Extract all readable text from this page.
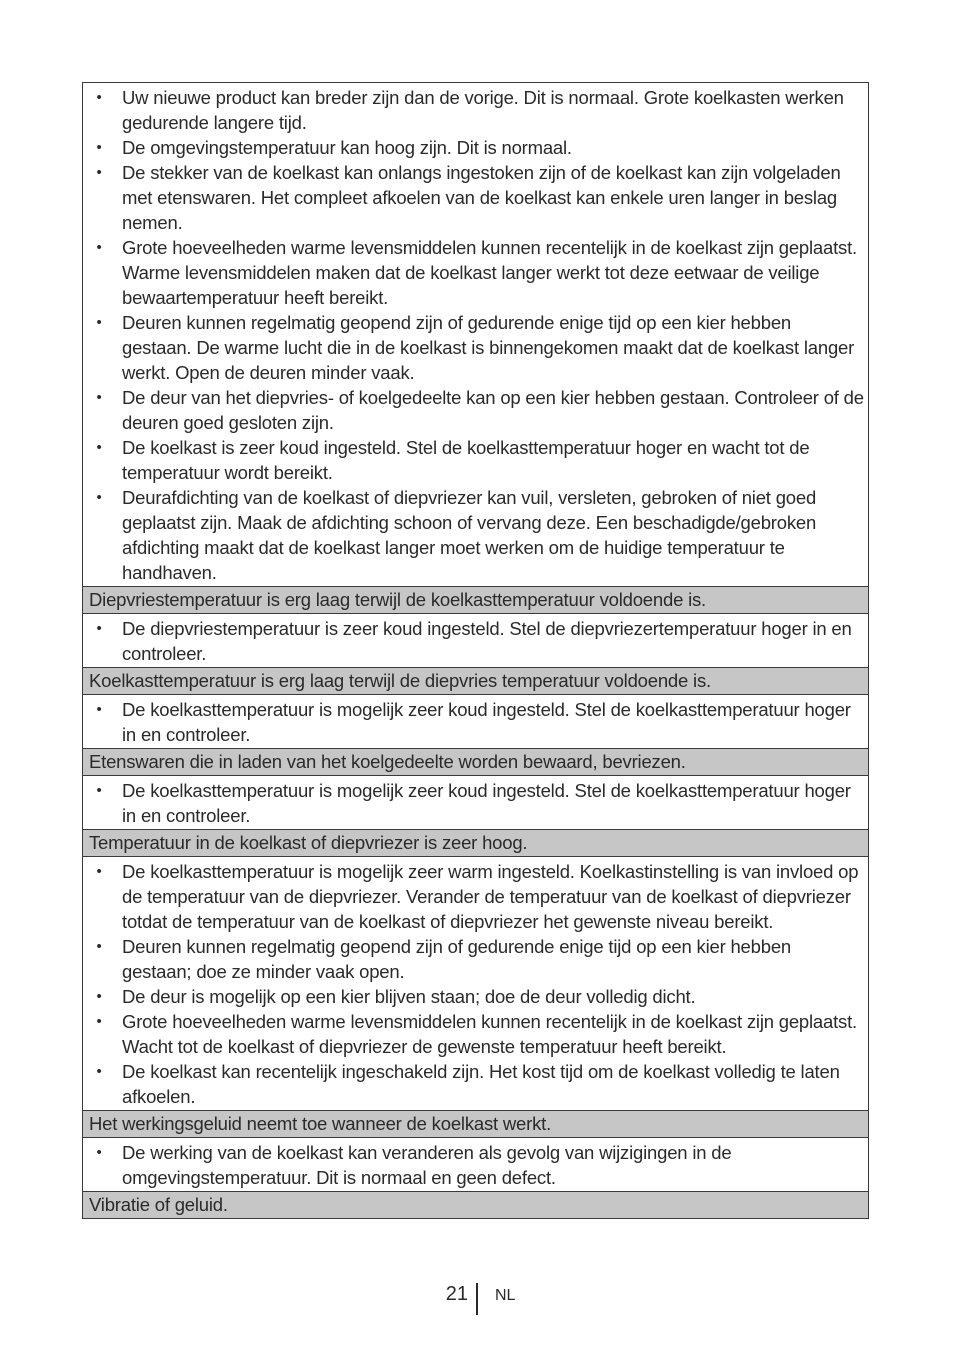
• Uw nieuwe product kan breder zijn dan de vorige. Dit is normaal. Grote koelkasten werken gedurende langere tijd.
• De omgevingstemperatuur kan hoog zijn. Dit is normaal.
• De stekker van de koelkast kan onlangs ingestoken zijn of de koelkast kan zijn volgeladen met etenswaren. Het compleet afkoelen van de koelkast kan enkele uren langer in beslag nemen.
• Grote hoeveelheden warme levensmiddelen kunnen recentelijk in de koelkast zijn geplaatst. Warme levensmiddelen maken dat de koelkast langer werkt tot deze eetwaar de veilige bewaartemperatuur heeft bereikt.
• Deuren kunnen regelmatig geopend zijn of gedurende enige tijd op een kier hebben gestaan. De warme lucht die in de koelkast is binnengekomen maakt dat de koelkast langer werkt. Open de deuren minder vaak.
• De deur van het diepvries- of koelgedeelte kan op een kier hebben gestaan. Controleer of de deuren goed gesloten zijn.
• De koelkast is zeer koud ingesteld. Stel de koelkasttemperatuur hoger en wacht tot de temperatuur wordt bereikt.
• Deurafdichting van de koelkast of diepvriezer kan vuil, versleten, gebroken of niet goed geplaatst zijn. Maak de afdichting schoon of vervang deze. Een beschadigde/gebroken afdichting maakt dat de koelkast langer moet werken om de huidige temperatuur te handhaven.

Diepvriestemperatuur is erg laag terwijl de koelkasttemperatuur voldoende is.

• De diepvriestemperatuur is zeer koud ingesteld. Stel de diepvriezertemperatuur hoger in en controleer.

Koelkasttemperatuur is erg laag terwijl de diepvries temperatuur voldoende is.

• De koelkasttemperatuur is mogelijk zeer koud ingesteld. Stel de koelkasttemperatuur hoger in en controleer.

Etenswaren die in laden van het koelgedeelte worden bewaard, bevriezen.

• De koelkasttemperatuur is mogelijk zeer koud ingesteld. Stel de koelkasttemperatuur hoger in en controleer.

Temperatuur in de koelkast of diepvriezer is zeer hoog.

• De koelkasttemperatuur is mogelijk zeer warm ingesteld. Koelkastinstelling is van invloed op de temperatuur van de diepvriezer. Verander de temperatuur van de koelkast of diepvriezer totdat de temperatuur van de koelkast of diepvriezer het gewenste niveau bereikt.
• Deuren kunnen regelmatig geopend zijn of gedurende enige tijd op een kier hebben gestaan; doe ze minder vaak open.
• De deur is mogelijk op een kier blijven staan; doe de deur volledig dicht.
• Grote hoeveelheden warme levensmiddelen kunnen recentelijk in de koelkast zijn geplaatst. Wacht tot de koelkast of diepvriezer de gewenste temperatuur heeft bereikt.
• De koelkast kan recentelijk ingeschakeld zijn. Het kost tijd om de koelkast volledig te laten afkoelen.

Het werkingsgeluid neemt toe wanneer de koelkast werkt.

• De werking van de koelkast kan veranderen als gevolg van wijzigingen in de omgevingstemperatuur. Dit is normaal en geen defect.

Vibratie of geluid.
21 NL
